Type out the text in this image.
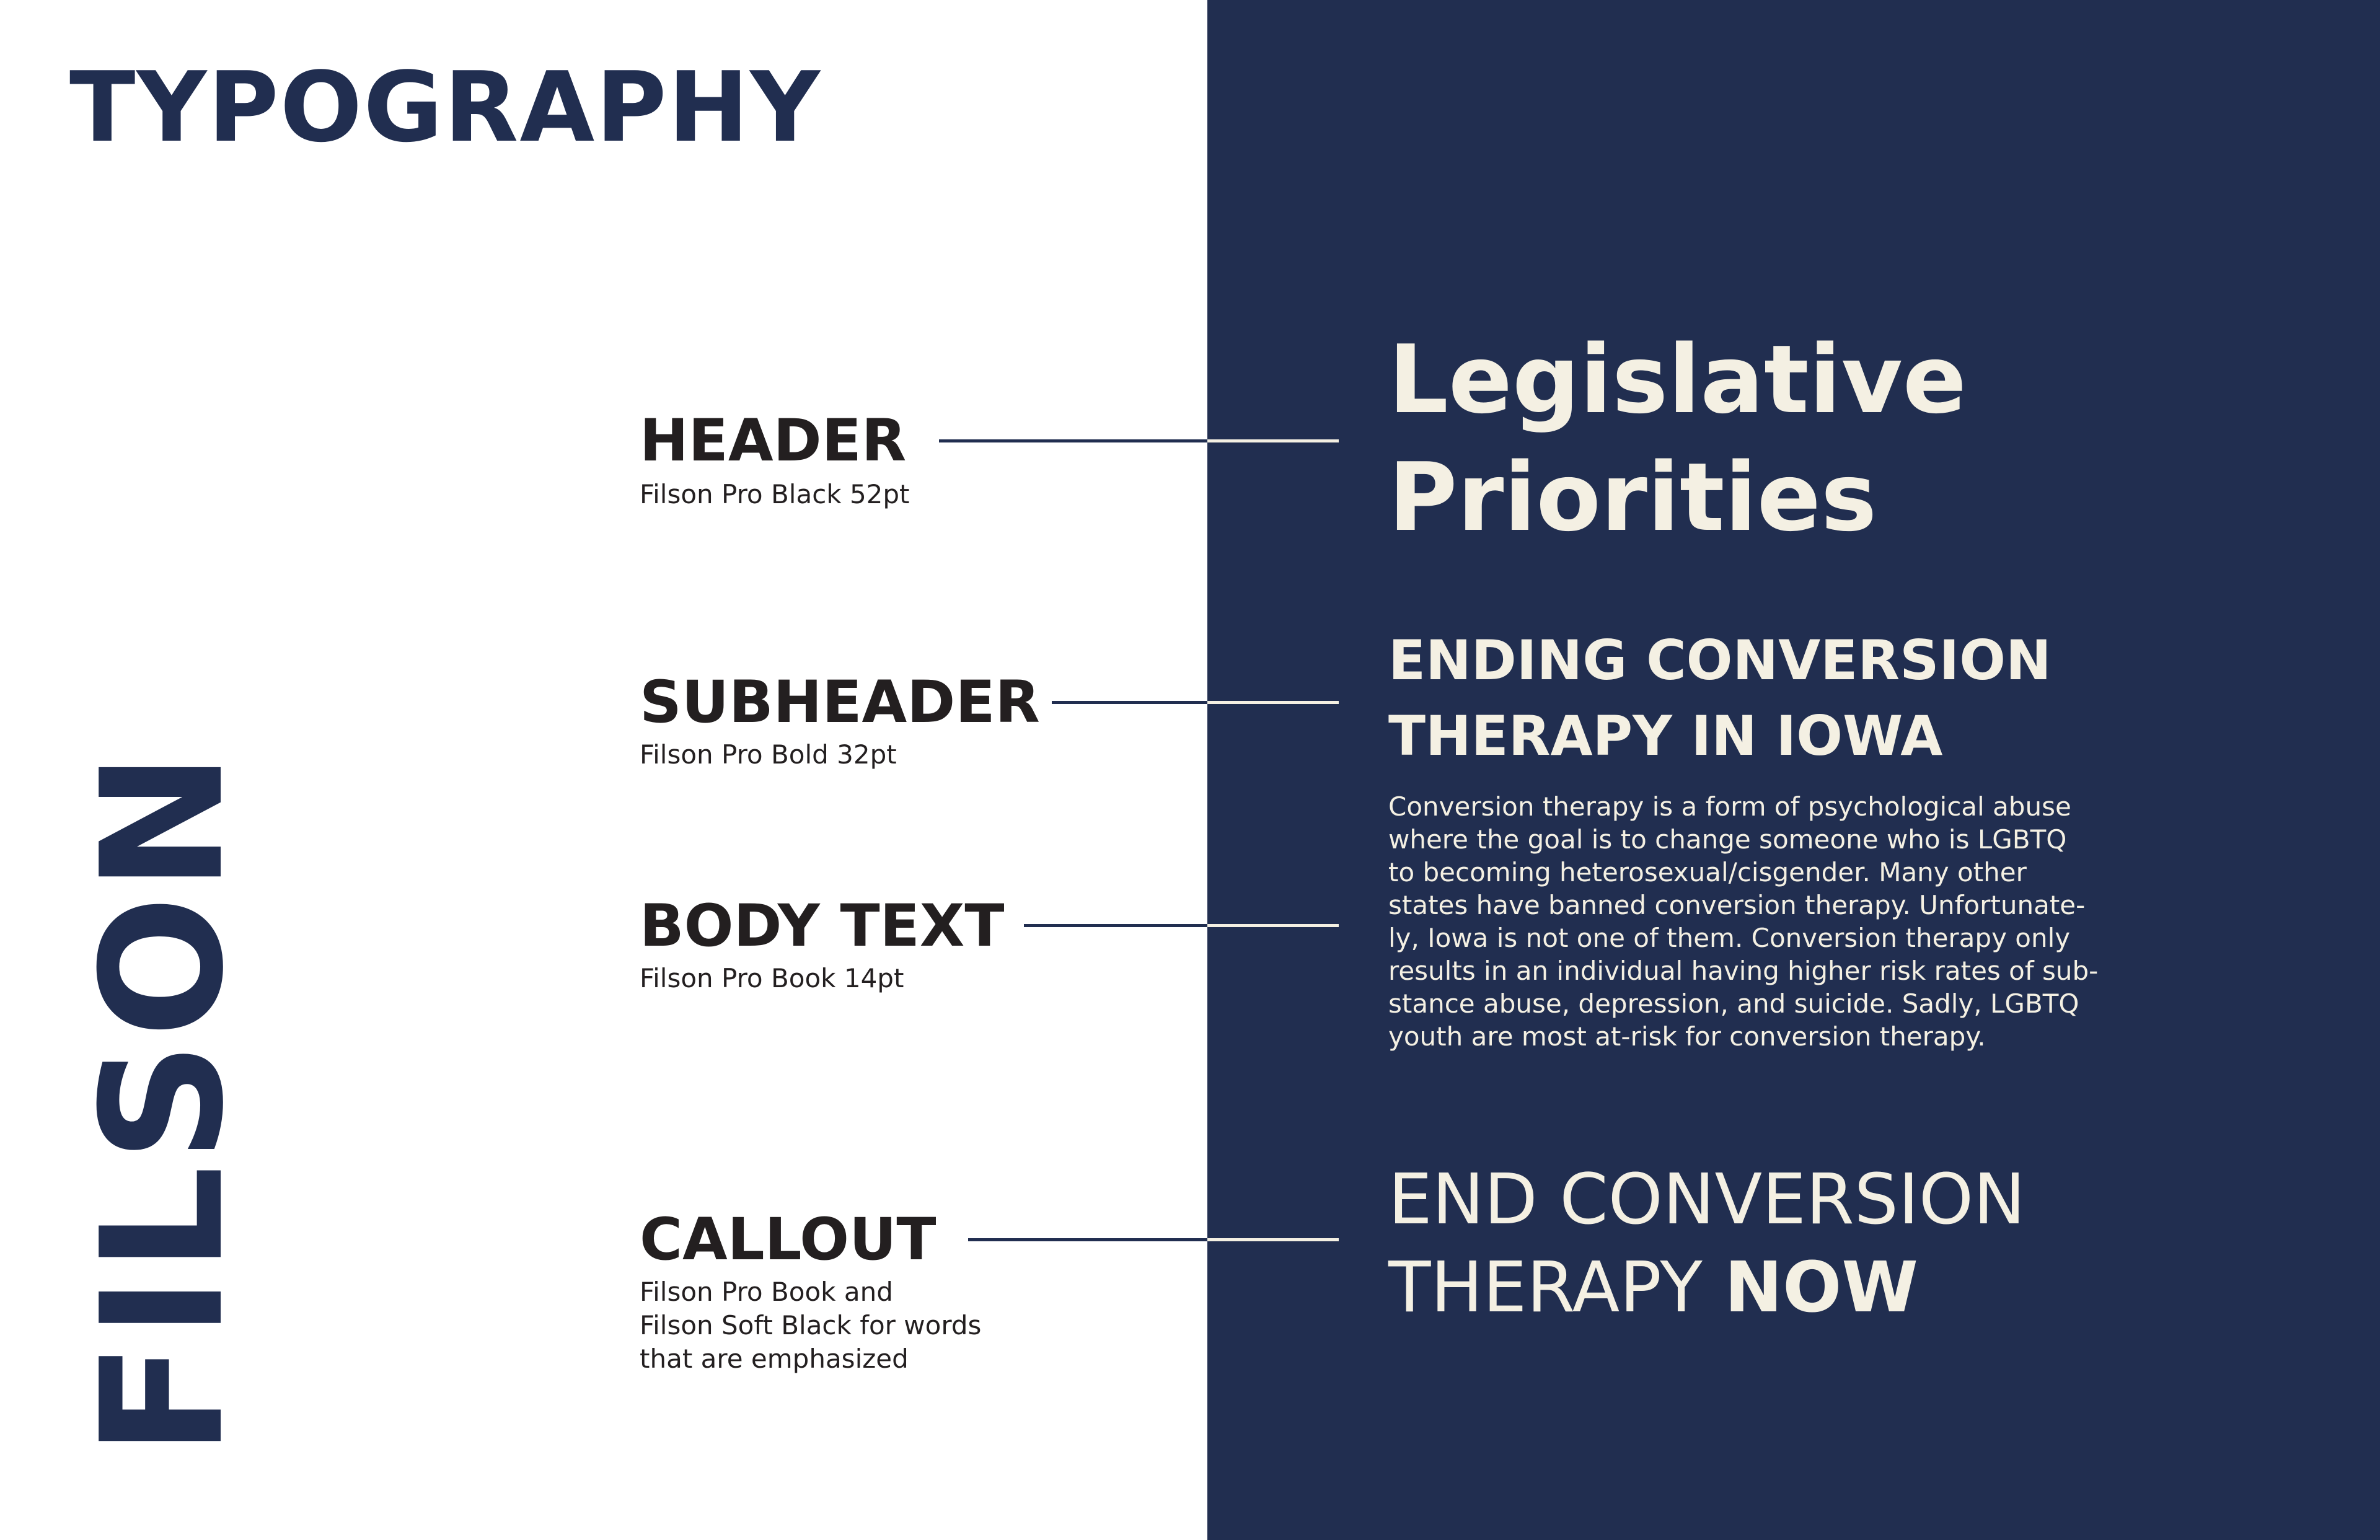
TYPOGRAPHY
FILSON
HEADER
Filson Pro Black 52pt
SUBHEADER
Filson Pro Bold 32pt
BODY TEXT
Filson Pro Book 14pt
CALLOUT
Filson Pro Book and
Filson Soft Black for words
that are emphasized
Legislative
Priorities
ENDING CONVERSION
THERAPY IN IOWA

Conversion therapy is a form of psychological abuse
where the goal is to change someone who is LGBTQ
to becoming heterosexual/cisgender. Many other
states have banned conversion therapy. Unfortunate-
ly, Iowa is not one of them. Conversion therapy only
results in an individual having higher risk rates of sub-
stance abuse, depression, and suicide. Sadly, LGBTQ
youth are most at-risk for conversion therapy.

END CONVERSION
THERAPY NOW
